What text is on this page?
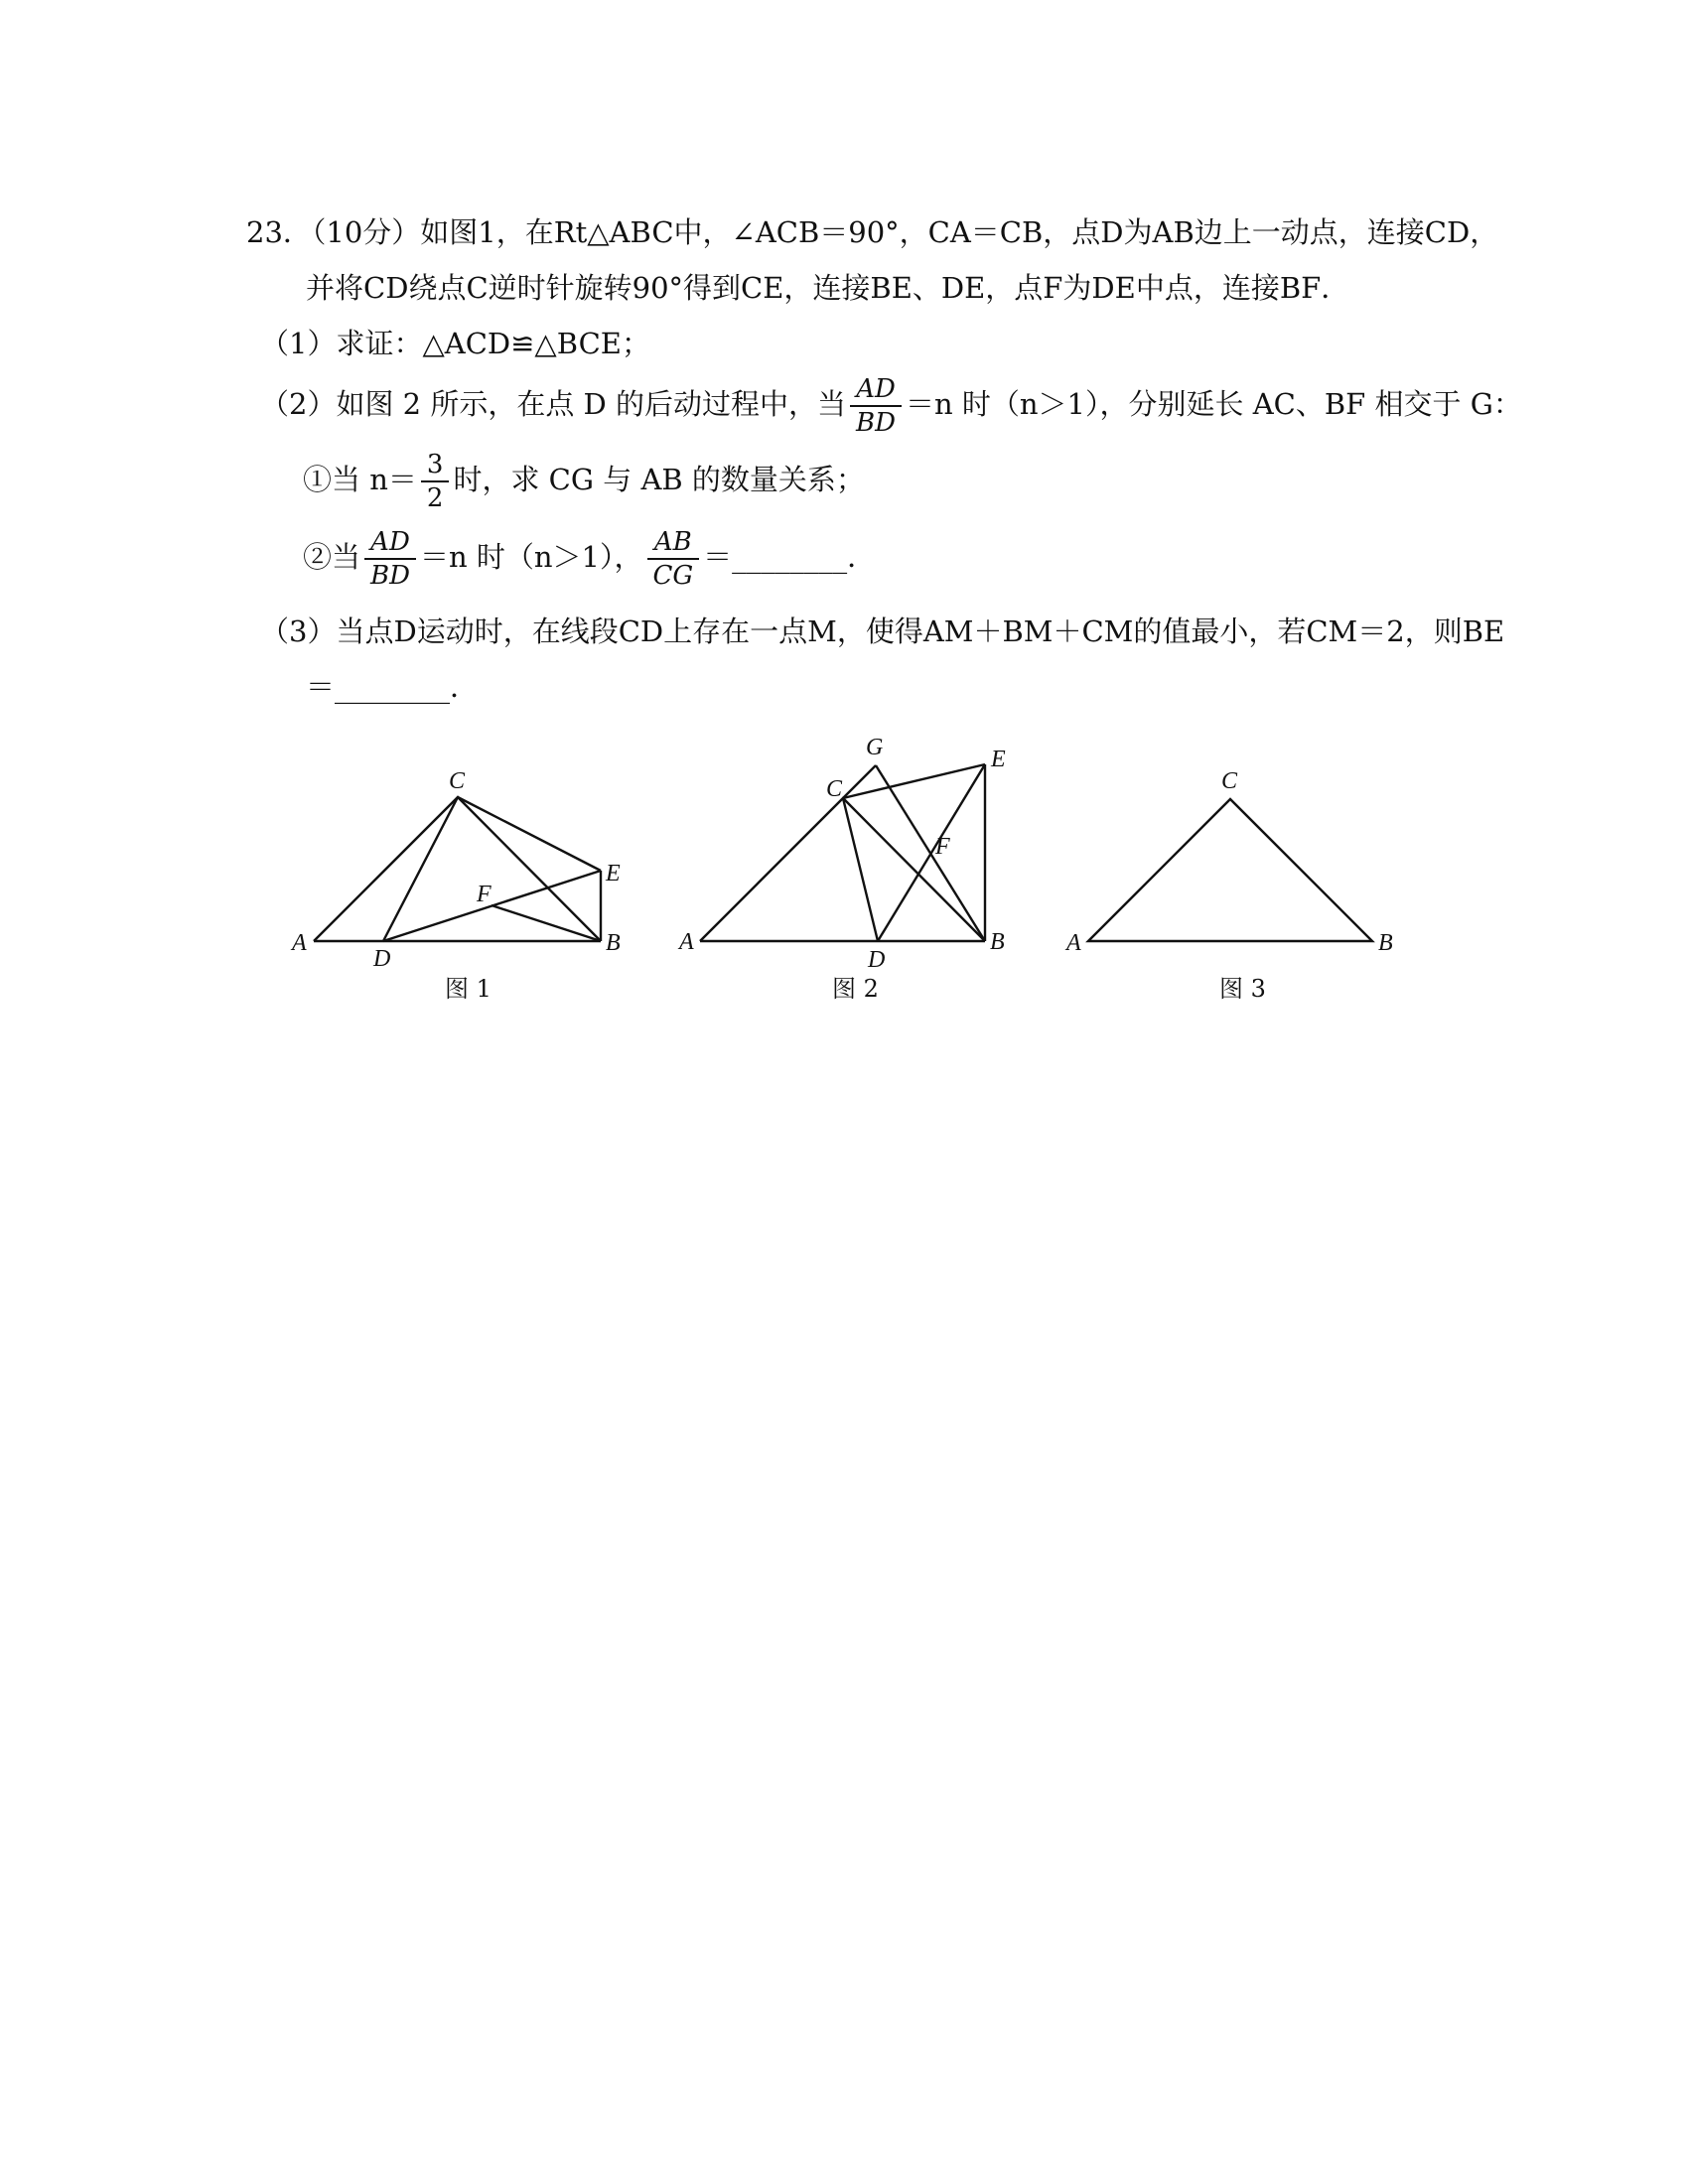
23．（10分）如图1，在Rt△ABC中，∠ACB＝90°，CA＝CB，点D为AB边上一动点，连接CD，
并将CD绕点C逆时针旋转90°得到CE，连接BE、DE，点F为DE中点，连接BF．
（1）求证：△ACD≌△BCE；
（2）如图 2 所示，在点 D 的后动过程中，当 $\frac{AD}{BD} =n$ 时（n＞1），分别延长 AC、BF 相交于 G：
①当 $n= \frac{3}{2}$ 时，求 CG 与 AB 的数量关系；
②当 $\frac{AD}{BD} =n$ 时（n＞1）， $\frac{AB}{CG}$ ＝________．
（3）当点D运动时，在线段CD上存在一点M，使得AM＋BM＋CM的值最小，若CM＝2，则BE
＝________．
A	B
C
D
E
F
图 1
A	B
C
D
E
F
G
图 2
A	B
C
图 3
